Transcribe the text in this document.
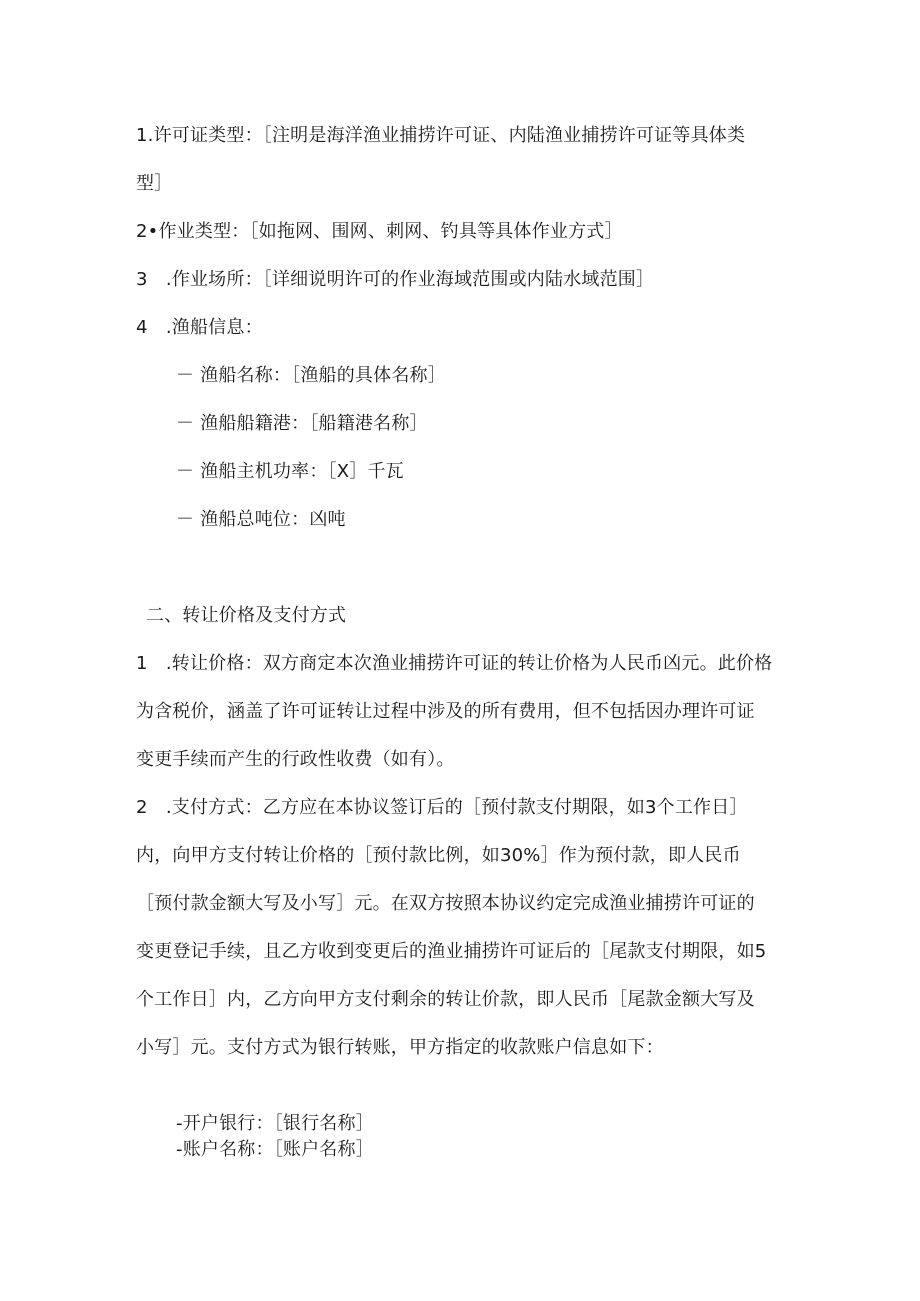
1.许可证类型：［注明是海洋渔业捕捞许可证、内陆渔业捕捞许可证等具体类
型］
2•作业类型：［如拖网、围网、刺网、钓具等具体作业方式］
3　.作业场所：［详细说明许可的作业海域范围或内陆水域范围］
4　.渔船信息：
－ 渔船名称：［渔船的具体名称］
－ 渔船船籍港：［船籍港名称］
－ 渔船主机功率：［X］千瓦
－ 渔船总吨位：凶吨
二、转让价格及支付方式
1　.转让价格：双方商定本次渔业捕捞许可证的转让价格为人民币凶元。此价格
为含税价，涵盖了许可证转让过程中涉及的所有费用，但不包括因办理许可证
变更手续而产生的行政性收费（如有）。
2　.支付方式：乙方应在本协议签订后的［预付款支付期限，如3个工作日］
内，向甲方支付转让价格的［预付款比例，如30%］作为预付款，即人民币
［预付款金额大写及小写］元。在双方按照本协议约定完成渔业捕捞许可证的
变更登记手续，且乙方收到变更后的渔业捕捞许可证后的［尾款支付期限，如5
个工作日］内，乙方向甲方支付剩余的转让价款，即人民币［尾款金额大写及
小写］元。支付方式为银行转账，甲方指定的收款账户信息如下：
-开户银行：［银行名称］
-账户名称：［账户名称］
